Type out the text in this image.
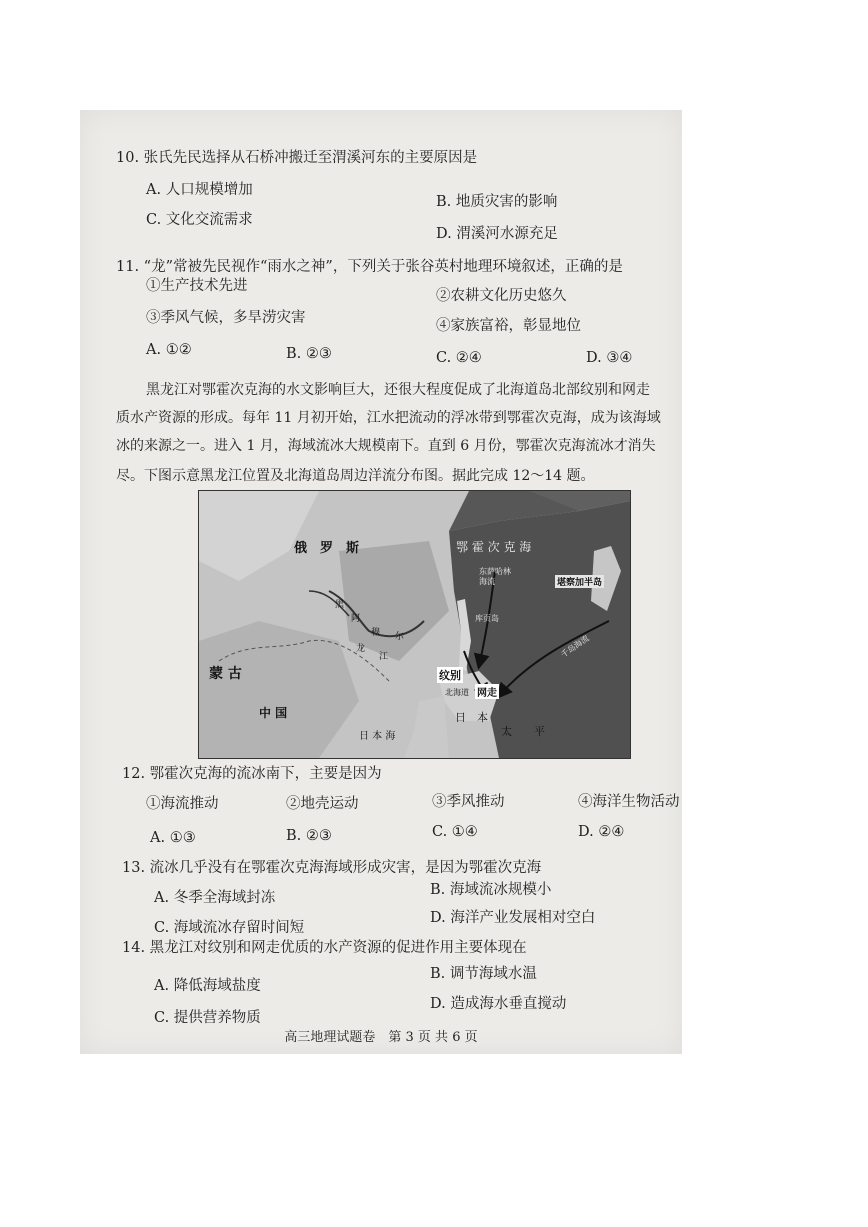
10. 张氏先民选择从石桥冲搬迁至渭溪河东的主要原因是
A. 人口规模增加
B. 地质灾害的影响
C. 文化交流需求
D. 渭溪河水源充足
11. “龙”常被先民视作“雨水之神”，下列关于张谷英村地理环境叙述，正确的是
①生产技术先进
②农耕文化历史悠久
③季风气候，多旱涝灾害	④家族富裕，彰显地位
A. ①②	B. ②③	C. ②④	D. ③④
黑龙江对鄂霍次克海的水文影响巨大，还很大程度促成了北海道岛北部纹别和网走
质水产资源的形成。每年 11 月初开始，江水把流动的浮冰带到鄂霍次克海，成为该海域
冰的来源之一。进入 1 月，海域流冰大规模南下。直到 6 月份，鄂霍次克海流冰才消失
尽。下图示意黑龙江位置及北海道岛周边洋流分布图。据此完成 12～14 题。
俄　罗　斯	鄂 霍 次 克 海
堪察加半岛
蒙 古
中 国
黑
龙
江
阿
穆 尔
库页岛
东萨哈林海流
千岛海流
纹别
北海道 网走
日　本
太　　平
日 本 海
12. 鄂霍次克海的流冰南下，主要是因为
①海流推动	②地壳运动	③季风推动	④海洋生物活动
A. ①③	B. ②③	C. ①④	D. ②④
13. 流冰几乎没有在鄂霍次克海海域形成灾害，是因为鄂霍次克海
A. 冬季全海域封冻	B. 海域流冰规模小
C. 海域流冰存留时间短
D. 海洋产业发展相对空白
14. 黑龙江对纹别和网走优质的水产资源的促进作用主要体现在
A. 降低海域盐度
B. 调节海域水温
C. 提供营养物质
D. 造成海水垂直搅动
高三地理试题卷　第 3 页 共 6 页
